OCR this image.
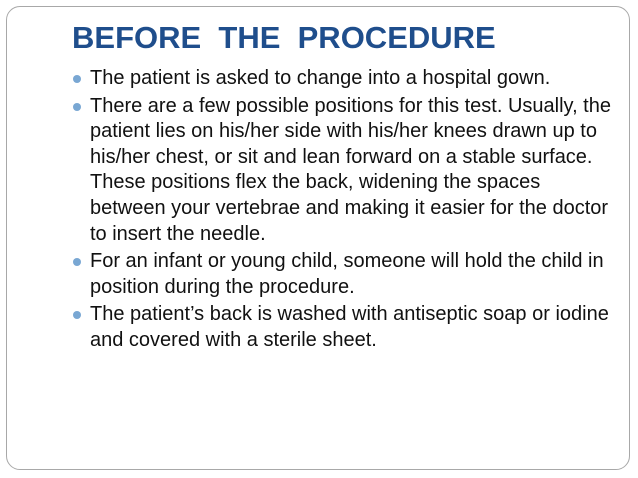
BEFORE  THE  PROCEDURE
The patient is asked to change into a hospital gown.
There are a few possible positions for this test. Usually, the patient lies on his/her side with his/her knees drawn up to his/her chest, or sit and lean forward on a stable surface. These positions flex the back, widening the spaces between your vertebrae and making it easier for the doctor to insert the needle.
For an infant or young child, someone will hold the child in position during the procedure.
The patient’s back is washed with antiseptic soap or iodine and covered with a sterile sheet.
